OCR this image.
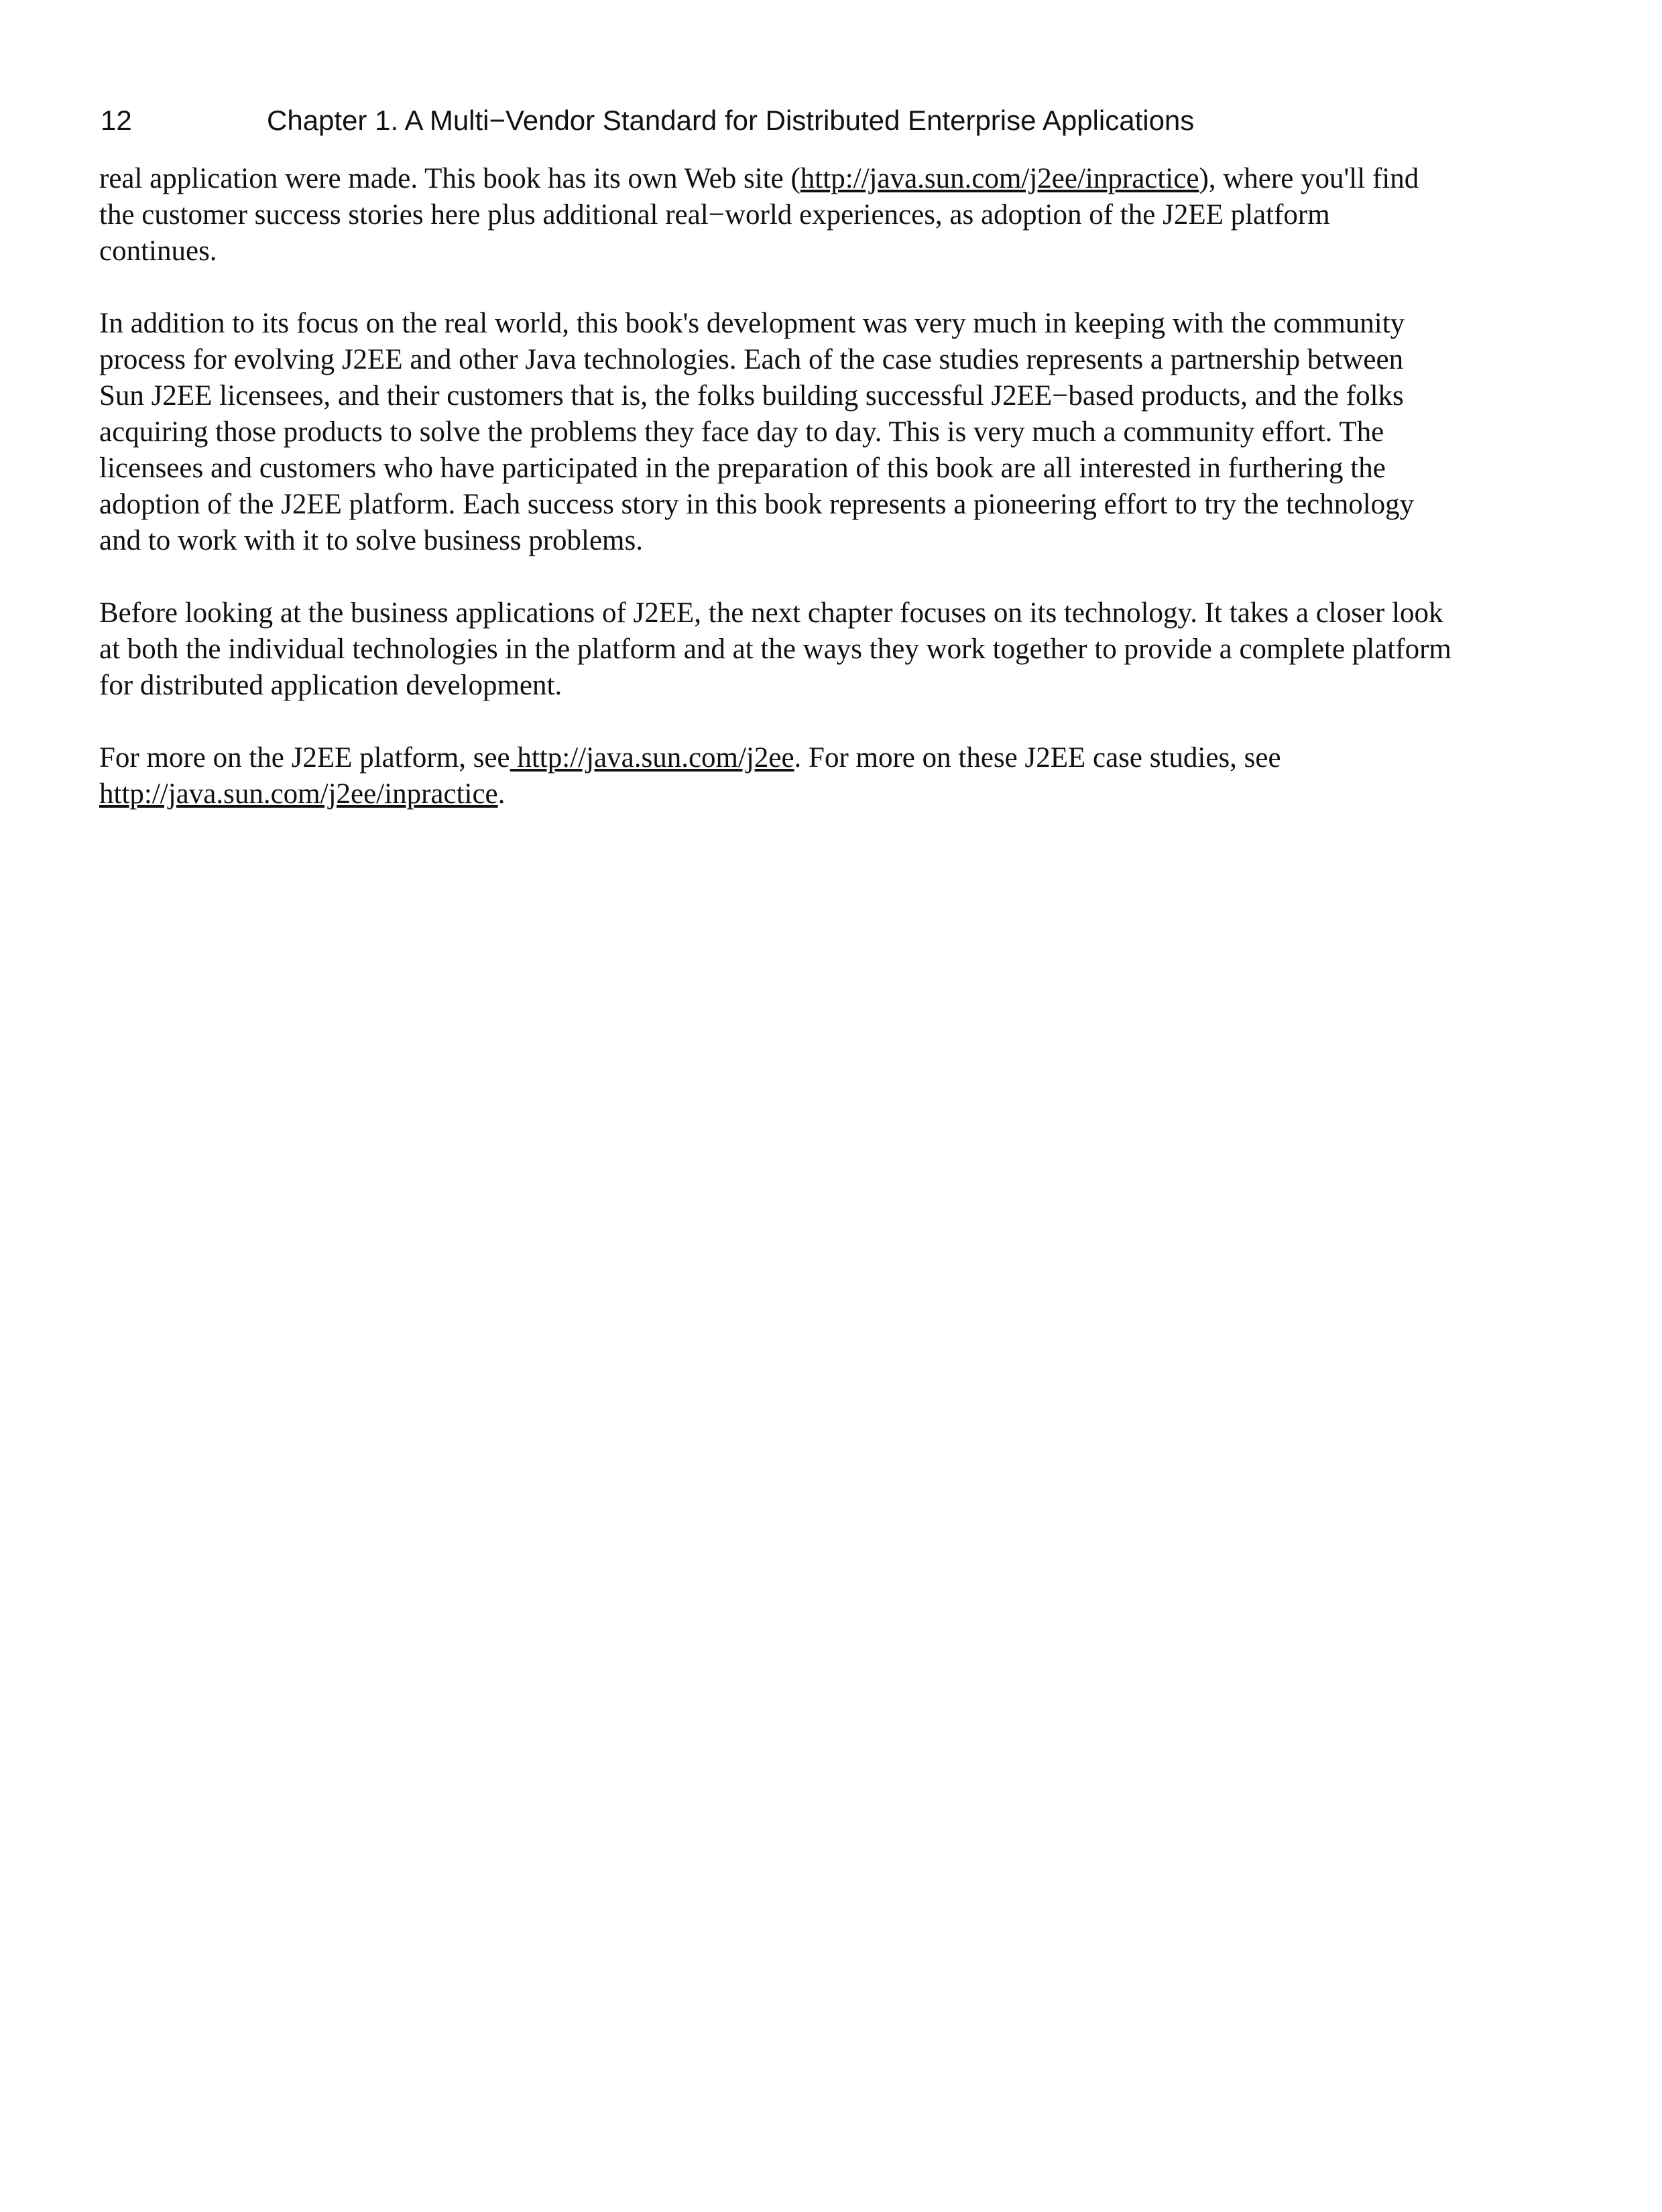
12	Chapter 1. A Multi−Vendor Standard for Distributed Enterprise Applications

real application were made. This book has its own Web site (http://java.sun.com/j2ee/inpractice), where you'll find the customer success stories here plus additional real−world experiences, as adoption of the J2EE platform continues.

In addition to its focus on the real world, this book's development was very much in keeping with the community process for evolving J2EE and other Java technologies. Each of the case studies represents a partnership between Sun J2EE licensees, and their customers that is, the folks building successful J2EE−based products, and the folks acquiring those products to solve the problems they face day to day. This is very much a community effort. The licensees and customers who have participated in the preparation of this book are all interested in furthering the adoption of the J2EE platform. Each success story in this book represents a pioneering effort to try the technology and to work with it to solve business problems.

Before looking at the business applications of J2EE, the next chapter focuses on its technology. It takes a closer look at both the individual technologies in the platform and at the ways they work together to provide a complete platform for distributed application development.

For more on the J2EE platform, see http://java.sun.com/j2ee. For more on these J2EE case studies, see http://java.sun.com/j2ee/inpractice.
